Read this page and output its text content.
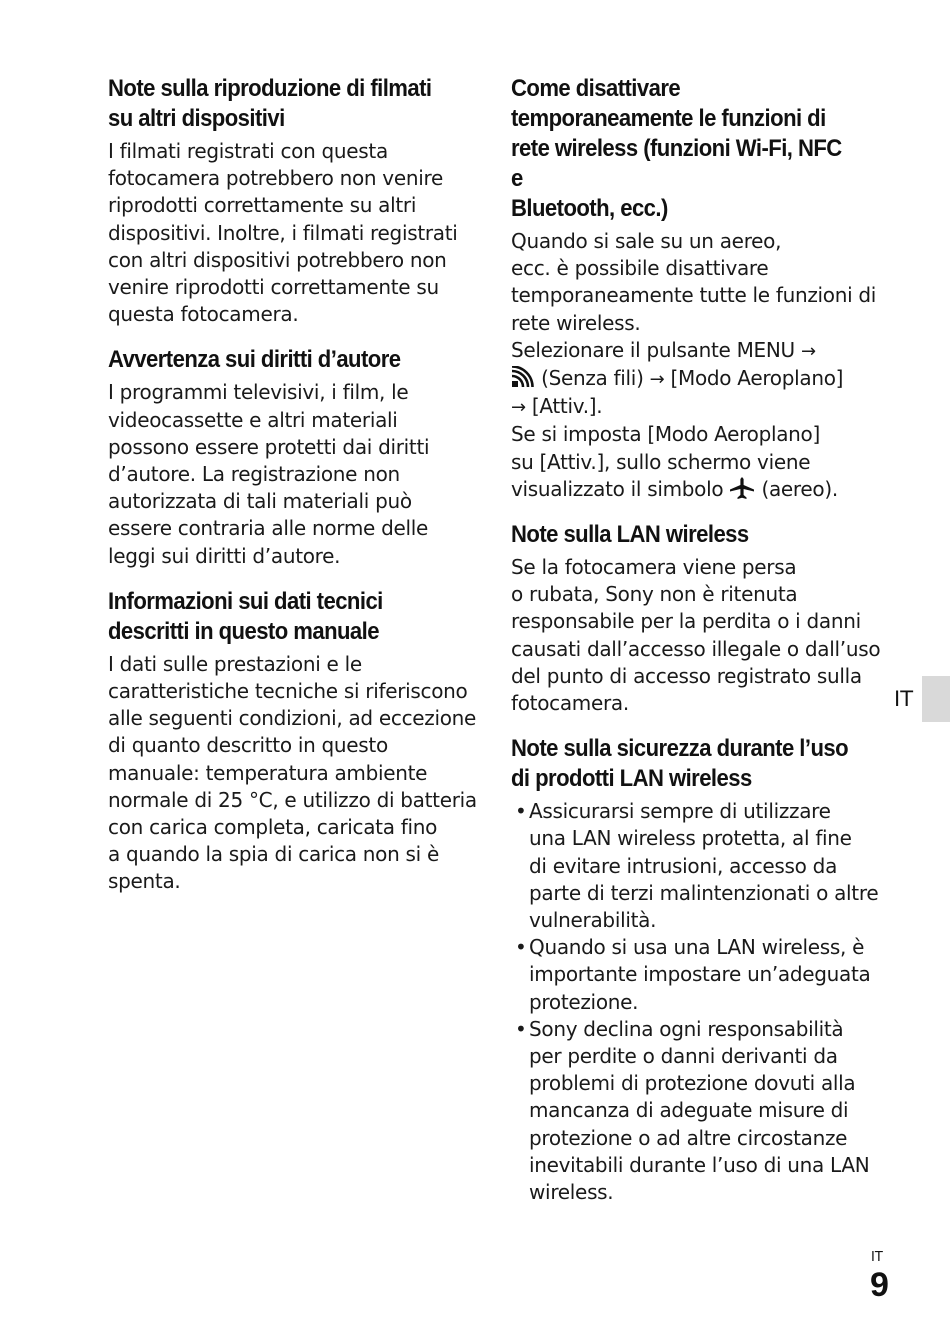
Note sulla riproduzione di filmati
su altri dispositivi

I filmati registrati con questa
fotocamera potrebbero non venire
riprodotti correttamente su altri
dispositivi. Inoltre, i filmati registrati
con altri dispositivi potrebbero non
venire riprodotti correttamente su
questa fotocamera.

Avvertenza sui diritti d’autore

I programmi televisivi, i film, le
videocassette e altri materiali
possono essere protetti dai diritti
d’autore. La registrazione non
autorizzata di tali materiali può
essere contraria alle norme delle
leggi sui diritti d’autore.

Informazioni sui dati tecnici
descritti in questo manuale

I dati sulle prestazioni e le
caratteristiche tecniche si riferiscono
alle seguenti condizioni, ad eccezione
di quanto descritto in questo
manuale: temperatura ambiente
normale di 25 °C, e utilizzo di batteria
con carica completa, caricata fino
a quando la spia di carica non si è
spenta.

Come disattivare
temporaneamente le funzioni di
rete wireless (funzioni Wi-Fi, NFC e
Bluetooth, ecc.)

Quando si sale su un aereo,
ecc. è possibile disattivare
temporaneamente tutte le funzioni di
rete wireless.
Selezionare il pulsante MENU →
(Senza fili) → [Modo Aeroplano]
→ [Attiv.].
Se si imposta [Modo Aeroplano]
su [Attiv.], sullo schermo viene
visualizzato il simbolo (aereo).

Note sulla LAN wireless

Se la fotocamera viene persa
o rubata, Sony non è ritenuta
responsabile per la perdita o i danni
causati dall’accesso illegale o dall’uso
del punto di accesso registrato sulla
fotocamera.

Note sulla sicurezza durante l’uso
di prodotti LAN wireless
• Assicurarsi sempre di utilizzare
una LAN wireless protetta, al fine
di evitare intrusioni, accesso da
parte di terzi malintenzionati o altre
vulnerabilità.
• Quando si usa una LAN wireless, è
importante impostare un’adeguata
protezione.
• Sony declina ogni responsabilità
per perdite o danni derivanti da
problemi di protezione dovuti alla
mancanza di adeguate misure di
protezione o ad altre circostanze
inevitabili durante l’uso di una LAN
wireless.
IT
IT
9
